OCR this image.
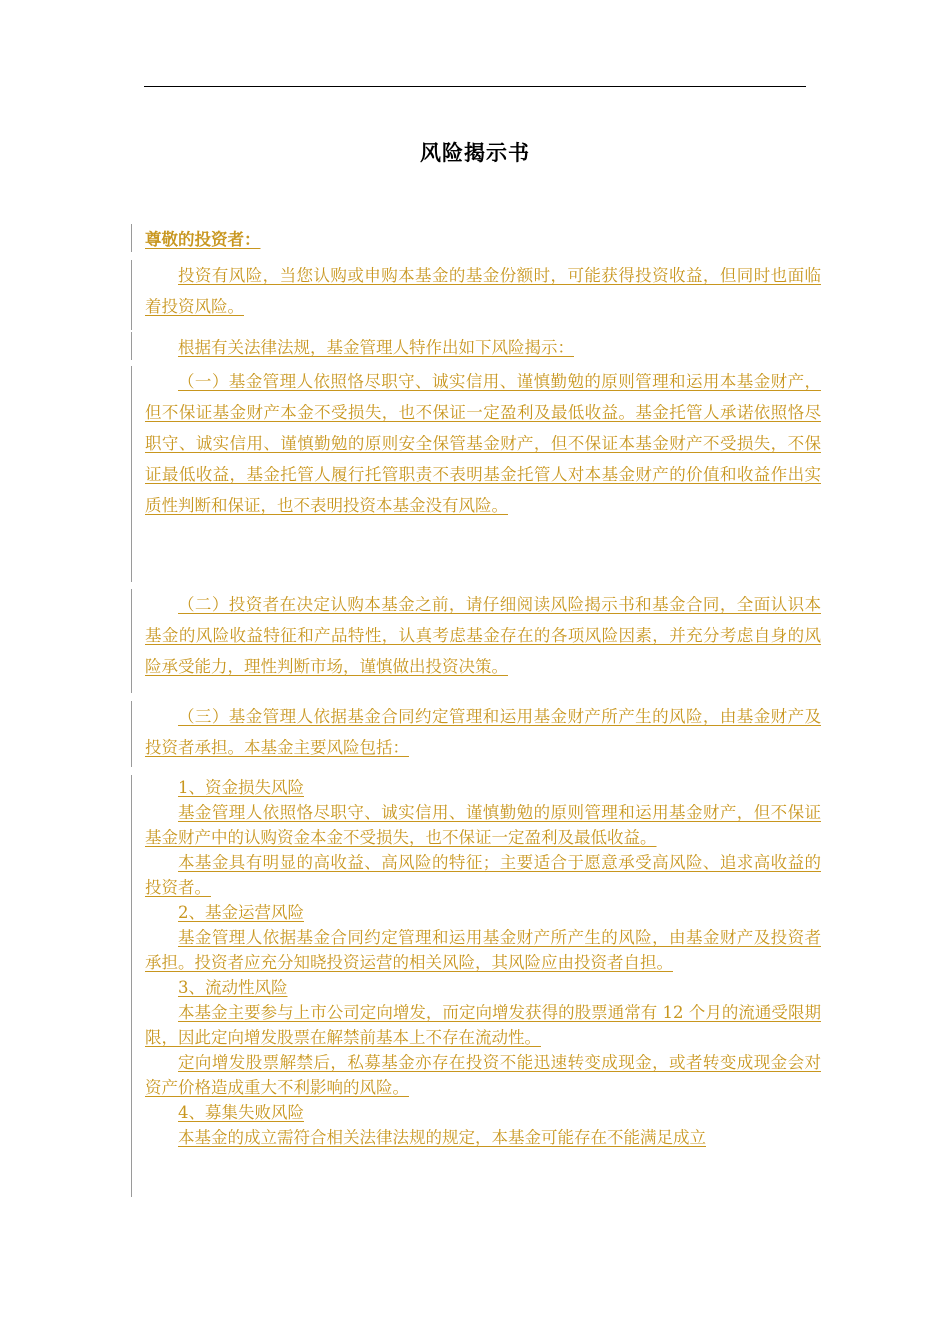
风险揭示书

尊敬的投资者：

投资有风险，当您认购或申购本基金的基金份额时，可能获得投资收益，但同时也面临着投资风险。

根据有关法律法规，基金管理人特作出如下风险揭示：

（一）基金管理人依照恪尽职守、诚实信用、谨慎勤勉的原则管理和运用本基金财产，但不保证基金财产本金不受损失，也不保证一定盈利及最低收益。基金托管人承诺依照恪尽职守、诚实信用、谨慎勤勉的原则安全保管基金财产，但不保证本基金财产不受损失，不保证最低收益，基金托管人履行托管职责不表明基金托管人对本基金财产的价值和收益作出实质性判断和保证，也不表明投资本基金没有风险。

（二）投资者在决定认购本基金之前，请仔细阅读风险揭示书和基金合同，全面认识本基金的风险收益特征和产品特性，认真考虑基金存在的各项风险因素，并充分考虑自身的风险承受能力，理性判断市场，谨慎做出投资决策。

（三）基金管理人依据基金合同约定管理和运用基金财产所产生的风险，由基金财产及投资者承担。本基金主要风险包括：

1、资金损失风险

基金管理人依照恪尽职守、诚实信用、谨慎勤勉的原则管理和运用基金财产，但不保证基金财产中的认购资金本金不受损失，也不保证一定盈利及最低收益。

本基金具有明显的高收益、高风险的特征；主要适合于愿意承受高风险、追求高收益的投资者。

2、基金运营风险

基金管理人依据基金合同约定管理和运用基金财产所产生的风险，由基金财产及投资者承担。投资者应充分知晓投资运营的相关风险，其风险应由投资者自担。

3、流动性风险

本基金主要参与上市公司定向增发，而定向增发获得的股票通常有 12 个月的流通受限期限，因此定向增发股票在解禁前基本上不存在流动性。

定向增发股票解禁后，私募基金亦存在投资不能迅速转变成现金，或者转变成现金会对资产价格造成重大不利影响的风险。

4、募集失败风险

本基金的成立需符合相关法律法规的规定，本基金可能存在不能满足成立
